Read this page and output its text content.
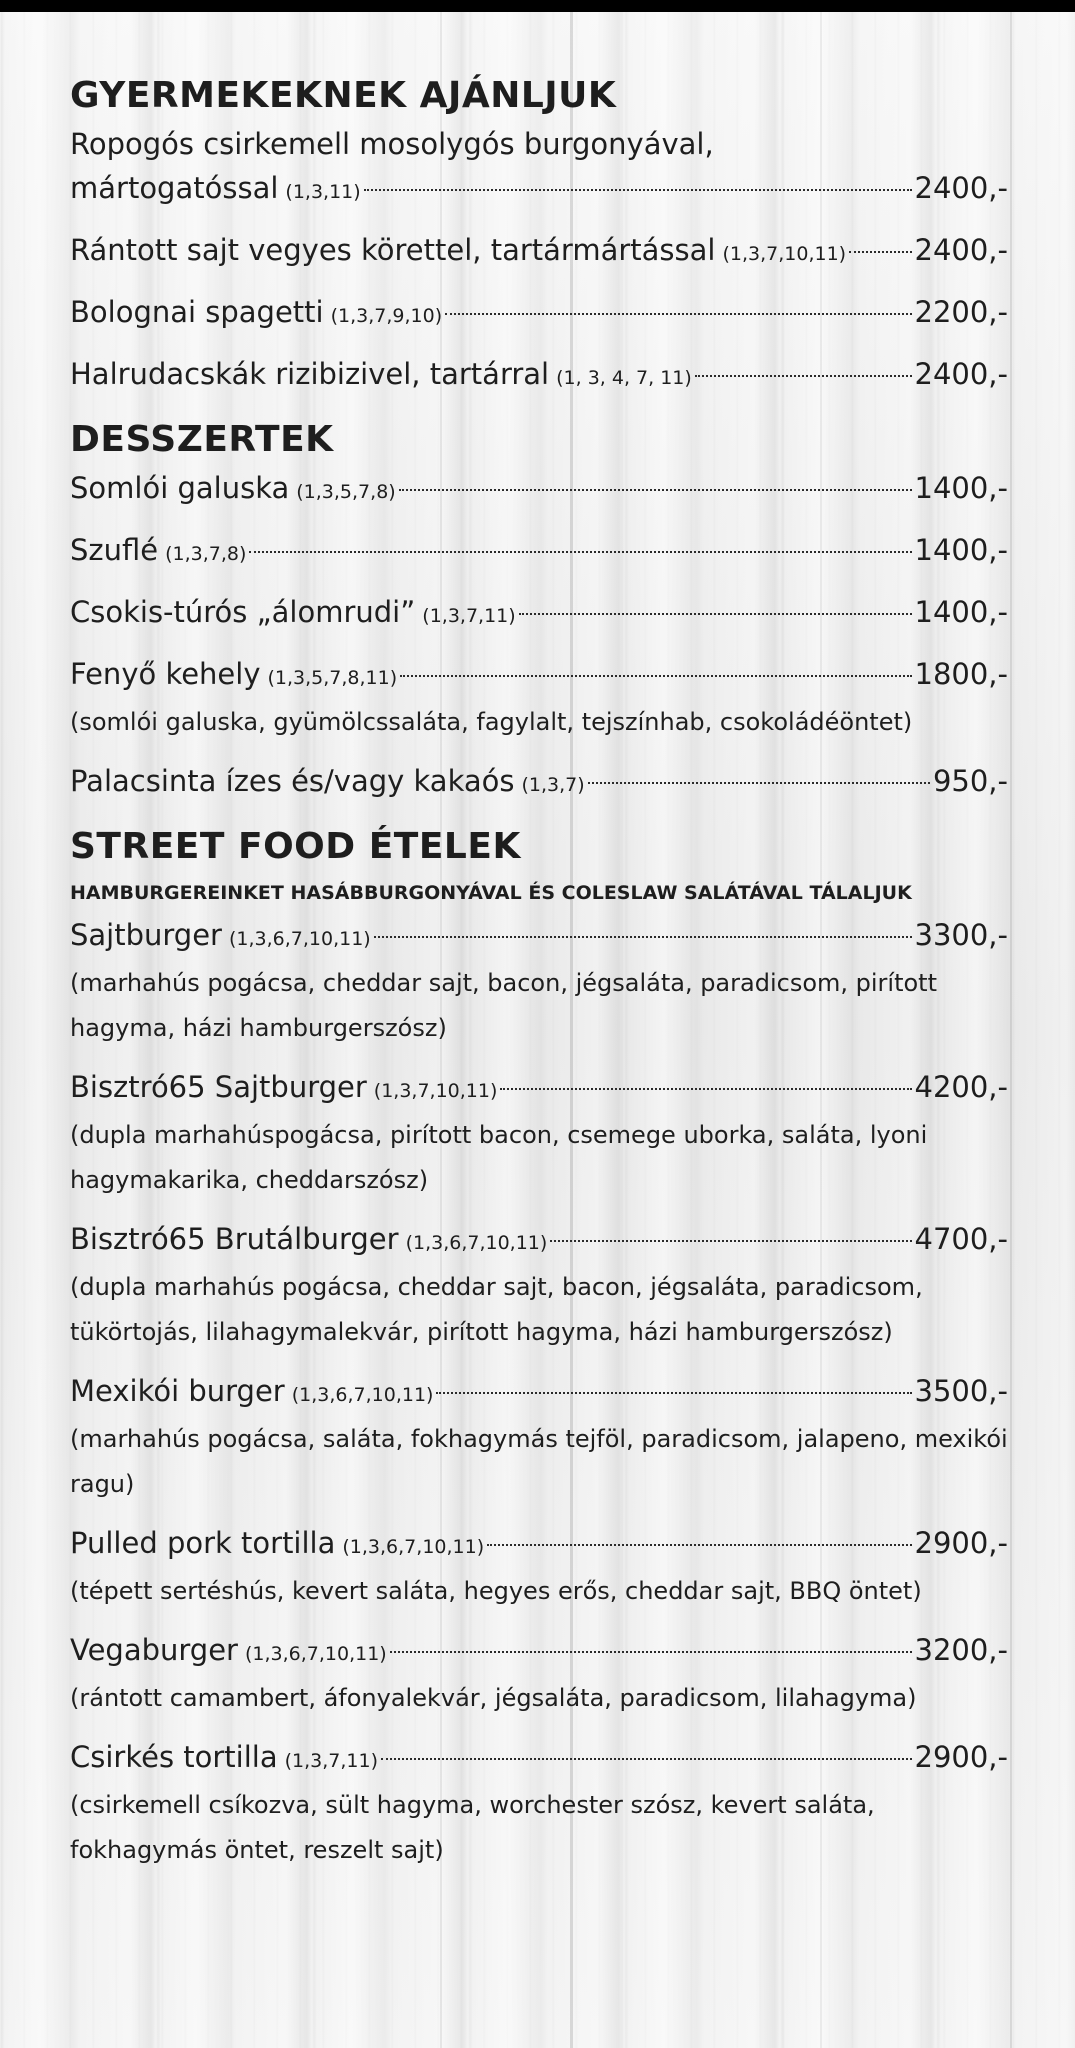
GYERMEKEKNEK AJÁNLJUK
Ropogós csirkemell mosolygós burgonyával,
mártogatóssal (1,3,11)	2400,-
Rántott sajt vegyes körettel, tartármártással (1,3,7,10,11) 2400,-
Bolognai spagetti (1,3,7,9,10)	2200,-
Halrudacskák rizibizivel, tartárral (1, 3, 4, 7, 11)	2400,-
DESSZERTEK
Somlói galuska (1,3,5,7,8)	1400,-
Szuflé (1,3,7,8)	1400,-
Csokis-túrós „álomrudi” (1,3,7,11)	1400,-
Fenyő kehely (1,3,5,7,8,11)	1800,-
(somlói galuska, gyümölcssaláta, fagylalt, tejszínhab, csokoládéöntet)
Palacsinta ízes és/vagy kakaós (1,3,7)	950,-
STREET FOOD ÉTELEK

HAMBURGEREINKET HASÁBBURGONYÁVAL ÉS COLESLAW SALÁTÁVAL TÁLALJUK

Sajtburger (1,3,6,7,10,11)	3300,-
(marhahús pogácsa, cheddar sajt, bacon, jégsaláta, paradicsom, pirított hagyma, házi hamburgerszósz)
Bisztró65 Sajtburger (1,3,7,10,11)	4200,-
(dupla marhahúspogácsa, pirított bacon, csemege uborka, saláta, lyoni hagymakarika, cheddarszósz)
Bisztró65 Brutálburger (1,3,6,7,10,11)	4700,-
(dupla marhahús pogácsa, cheddar sajt, bacon, jégsaláta, paradicsom, tükörtojás, lilahagymalekvár, pirított hagyma, házi hamburgerszósz)
Mexikói burger (1,3,6,7,10,11)	3500,-
(marhahús pogácsa, saláta, fokhagymás tejföl, paradicsom, jalapeno, mexikói ragu)
Pulled pork tortilla (1,3,6,7,10,11)	2900,-
(tépett sertéshús, kevert saláta, hegyes erős, cheddar sajt, BBQ öntet)
Vegaburger (1,3,6,7,10,11)	3200,-
(rántott camambert, áfonyalekvár, jégsaláta, paradicsom, lilahagyma)
Csirkés tortilla (1,3,7,11)	2900,-
(csirkemell csíkozva, sült hagyma, worchester szósz, kevert saláta, fokhagymás öntet, reszelt sajt)
